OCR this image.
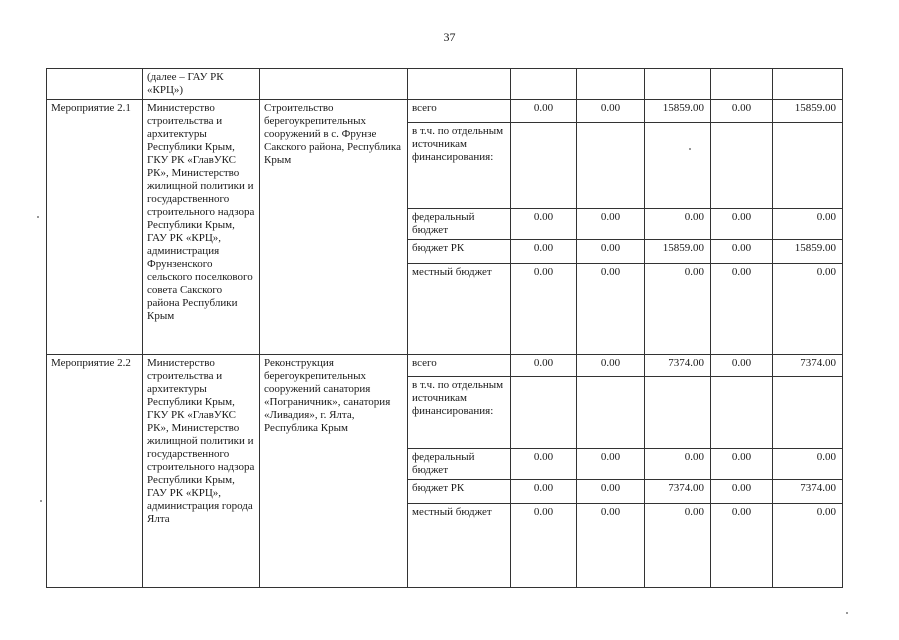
37
	(далее – ГАУ РК «КРЦ»)							
Мероприятие 2.1	Министерство строительства и архитектуры Республики Крым, ГКУ РК «ГлавУКС РК», Министерство жилищной политики и государственного строительного надзора Республики Крым, ГАУ РК «КРЦ», администрация Фрунзенского сельского поселкового совета Сакского района Республики Крым	Строительство берегоукрепительных сооружений в с. Фрунзе Сакского района, Республика Крым	всего	0.00	0.00	15859.00	0.00	15859.00
			в т.ч. по отдельным источникам финансирования:					
			федеральный бюджет	0.00	0.00	0.00	0.00	0.00
			бюджет РК	0.00	0.00	15859.00	0.00	15859.00
			местный бюджет	0.00	0.00	0.00	0.00	0.00
Мероприятие 2.2	Министерство строительства и архитектуры Республики Крым, ГКУ РК «ГлавУКС РК», Министерство жилищной политики и государственного строительного надзора Республики Крым, ГАУ РК «КРЦ», администрация города Ялта	Реконструкция берегоукрепительных сооружений санатория «Пограничник», санатория «Ливадия», г. Ялта, Республика Крым	всего	0.00	0.00	7374.00	0.00	7374.00
			в т.ч. по отдельным источникам финансирования:					
			федеральный бюджет	0.00	0.00	0.00	0.00	0.00
			бюджет РК	0.00	0.00	7374.00	0.00	7374.00
			местный бюджет	0.00	0.00	0.00	0.00	0.00
